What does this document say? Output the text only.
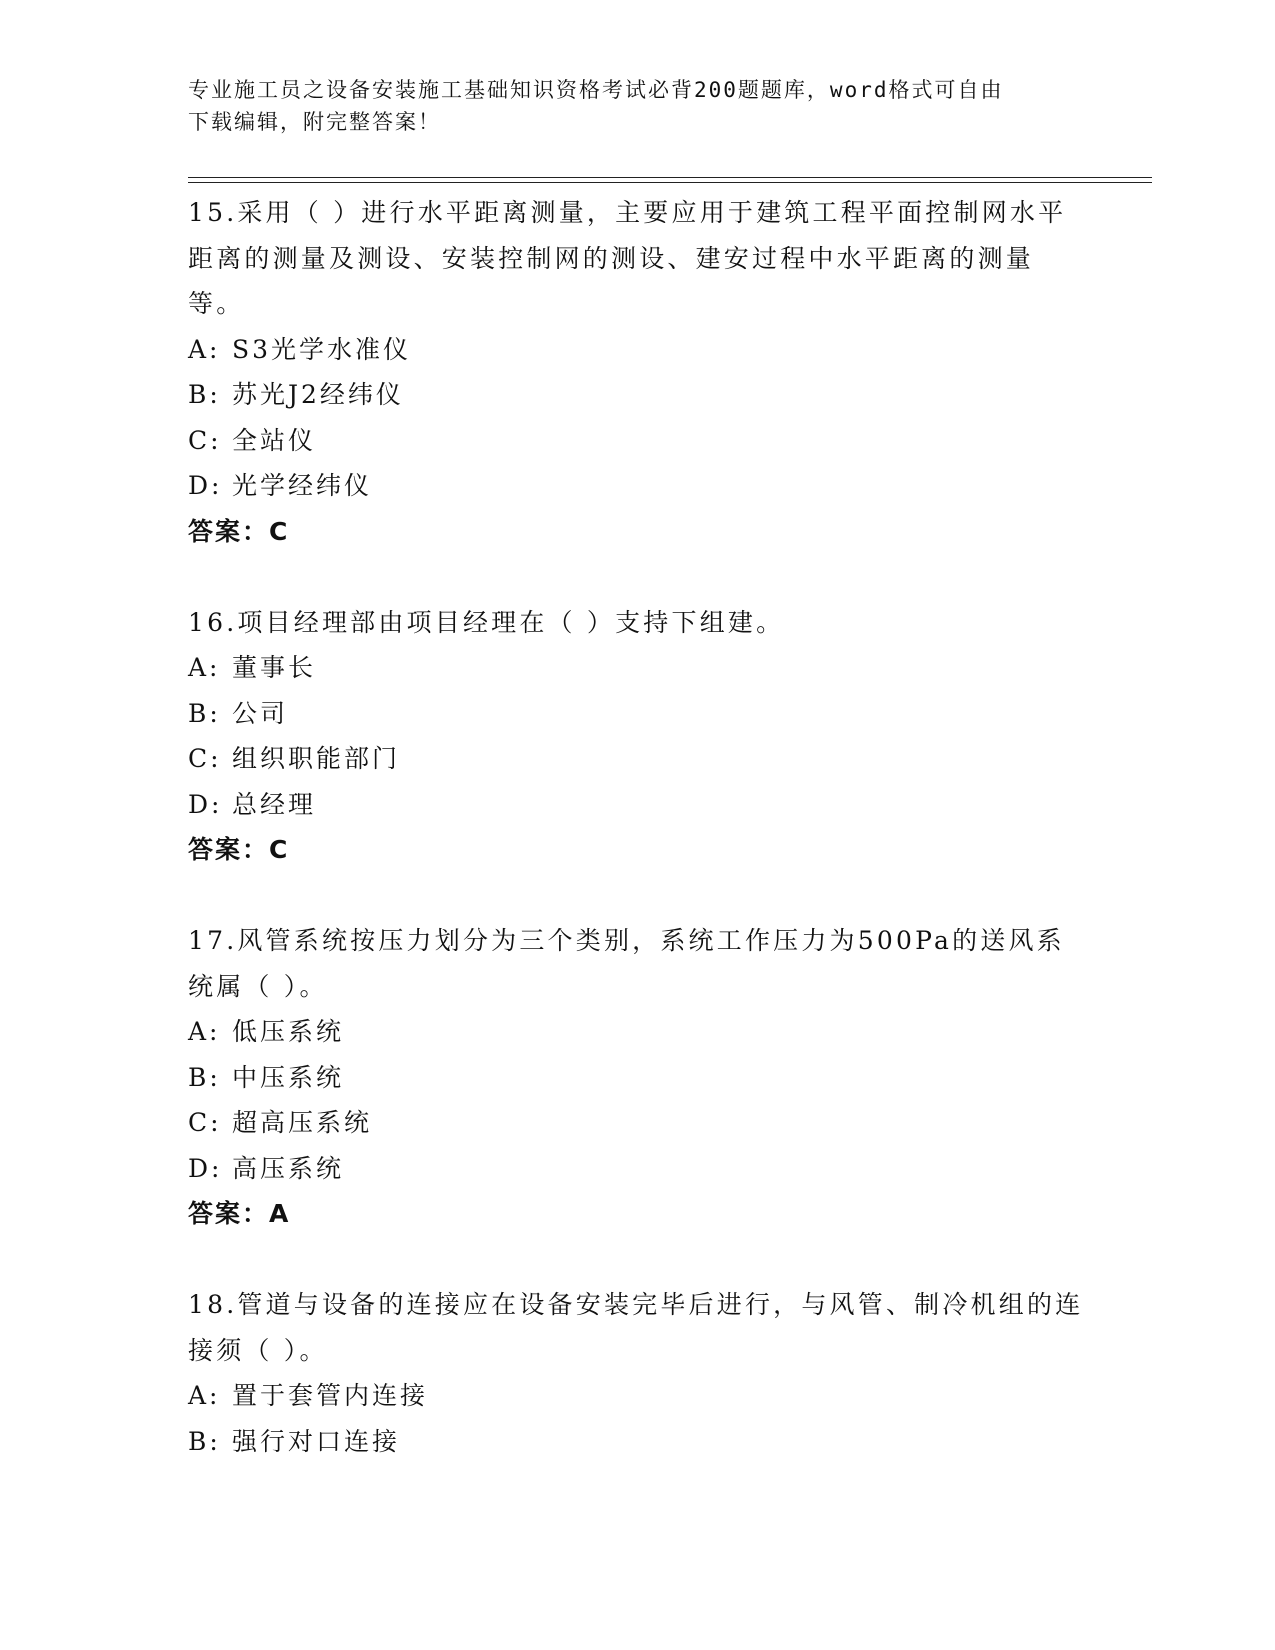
专业施工员之设备安装施工基础知识资格考试必背200题题库，word格式可自由
下载编辑，附完整答案！

15.采用（ ）进行水平距离测量，主要应用于建筑工程平面控制网水平距离的测量及测设、安装控制网的测设、建安过程中水平距离的测量等。

A: S3光学水准仪
B: 苏光J2经纬仪
C: 全站仪
D: 光学经纬仪
答案：C

16.项目经理部由项目经理在（ ）支持下组建。

A: 董事长
B: 公司
C: 组织职能部门
D: 总经理
答案：C

17.风管系统按压力划分为三个类别，系统工作压力为500Pa的送风系统属（ ）。

A: 低压系统
B: 中压系统
C: 超高压系统
D: 高压系统
答案：A

18.管道与设备的连接应在设备安装完毕后进行，与风管、制冷机组的连接须（ ）。

A: 置于套管内连接
B: 强行对口连接
